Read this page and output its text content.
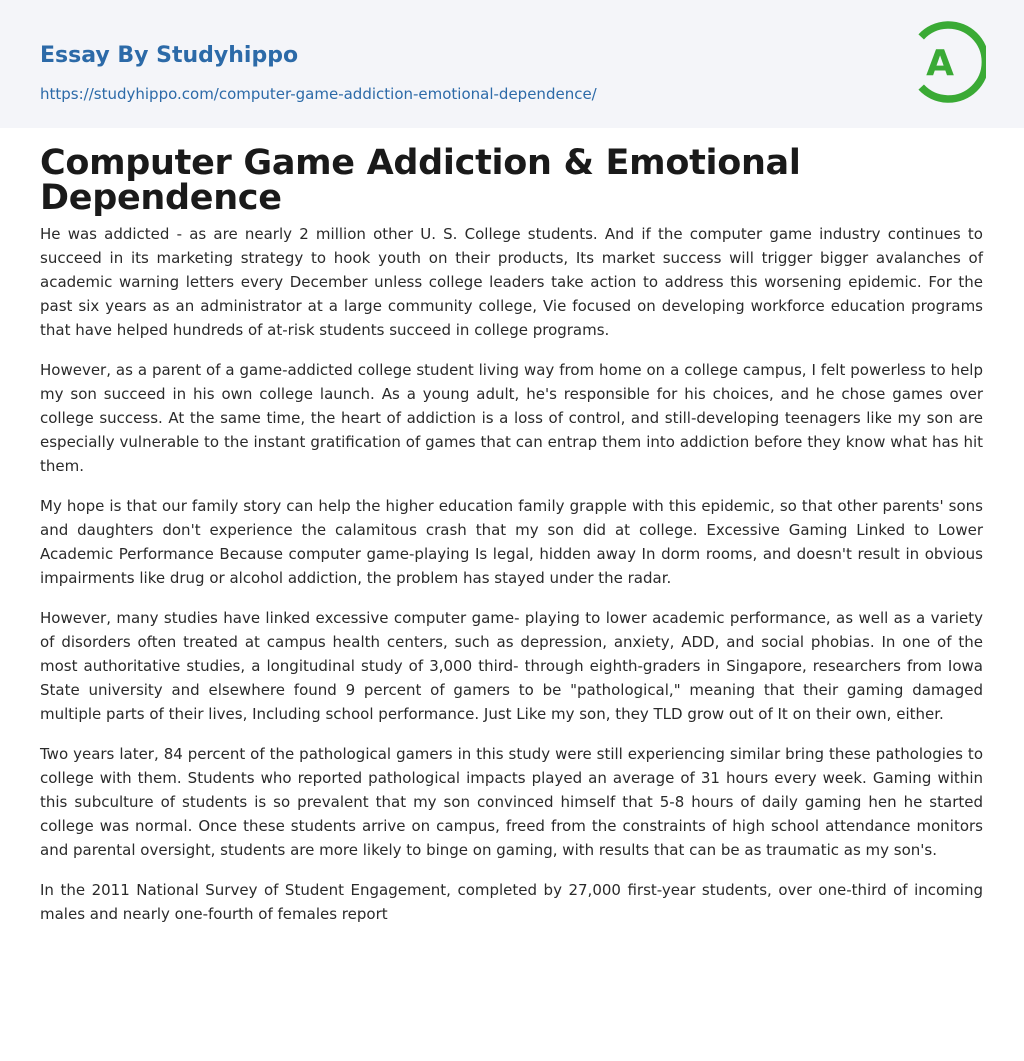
Essay By Studyhippo
https://studyhippo.com/computer-game-addiction-emotional-dependence/
A
Computer Game Addiction & Emotional Dependence

He was addicted - as are nearly 2 million other U. S. College students. And if the computer game industry continues to succeed in its marketing strategy to hook youth on their products, Its market success will trigger bigger avalanches of academic warning letters every December unless college leaders take action to address this worsening epidemic. For the past six years as an administrator at a large community college, Vie focused on developing workforce education programs that have helped hundreds of at-risk students succeed in college programs.

However, as a parent of a game-addicted college student living way from home on a college campus, I felt powerless to help my son succeed in his own college launch. As a young adult, he's responsible for his choices, and he chose games over college success. At the same time, the heart of addiction is a loss of control, and still-developing teenagers like my son are especially vulnerable to the instant gratification of games that can entrap them into addiction before they know what has hit them.

My hope is that our family story can help the higher education family grapple with this epidemic, so that other parents' sons and daughters don't experience the calamitous crash that my son did at college. Excessive Gaming Linked to Lower Academic Performance Because computer game-playing Is legal, hidden away In dorm rooms, and doesn't result in obvious impairments like drug or alcohol addiction, the problem has stayed under the radar.

However, many studies have linked excessive computer game- playing to lower academic performance, as well as a variety of disorders often treated at campus health centers, such as depression, anxiety, ADD, and social phobias. In one of the most authoritative studies, a longitudinal study of 3,000 third- through eighth-graders in Singapore, researchers from Iowa State university and elsewhere found 9 percent of gamers to be "pathological," meaning that their gaming damaged multiple parts of their lives, Including school performance. Just Like my son, they TLD grow out of It on their own, either.

Two years later, 84 percent of the pathological gamers in this study were still experiencing similar bring these pathologies to college with them. Students who reported pathological impacts played an average of 31 hours every week. Gaming within this subculture of students is so prevalent that my son convinced himself that 5-8 hours of daily gaming hen he started college was normal. Once these students arrive on campus, freed from the constraints of high school attendance monitors and parental oversight, students are more likely to binge on gaming, with results that can be as traumatic as my son's.

In the 2011 National Survey of Student Engagement, completed by 27,000 first-year students, over one-third of incoming males and nearly one-fourth of females report
